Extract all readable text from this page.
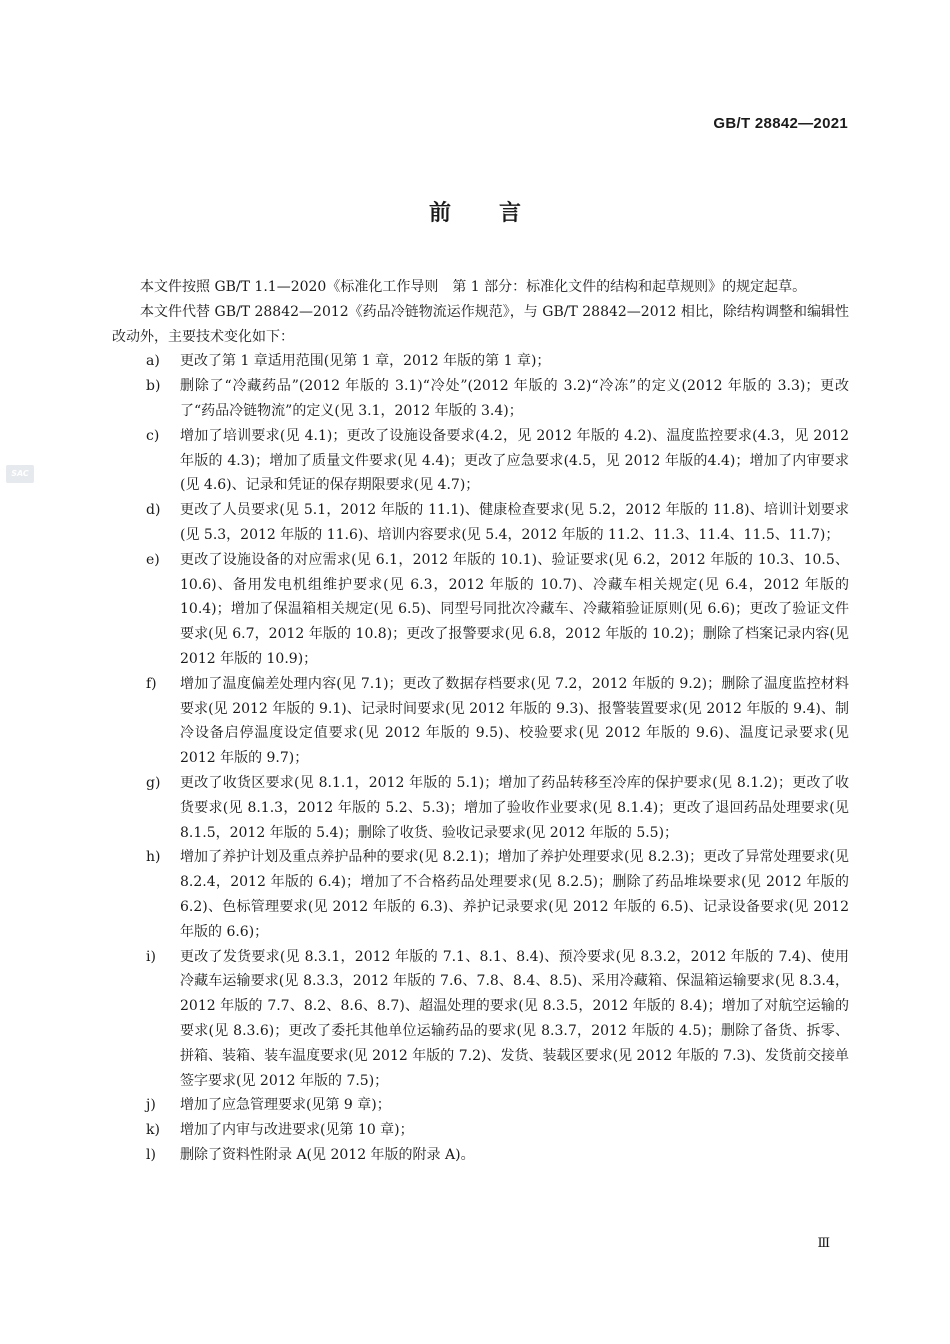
GB/T 28842—2021
前言
SAC

本文件按照 GB/T 1.1—2020《标准化工作导则　第 1 部分：标准化文件的结构和起草规则》的规定起草。

本文件代替 GB/T 28842—2012《药品冷链物流运作规范》，与 GB/T 28842—2012 相比，除结构调整和编辑性改动外，主要技术变化如下：

a)	更改了第 1 章适用范围(见第 1 章，2012 年版的第 1 章)；
b)	删除了“冷藏药品”(2012 年版的 3.1)“冷处”(2012 年版的 3.2)“冷冻”的定义(2012 年版的 3.3)；更改了“药品冷链物流”的定义(见 3.1，2012 年版的 3.4)；
c)	增加了培训要求(见 4.1)；更改了设施设备要求(4.2，见 2012 年版的 4.2)、温度监控要求(4.3，见 2012 年版的 4.3)；增加了质量文件要求(见 4.4)；更改了应急要求(4.5，见 2012 年版的4.4)；增加了内审要求(见 4.6)、记录和凭证的保存期限要求(见 4.7)；
d)	更改了人员要求(见 5.1，2012 年版的 11.1)、健康检查要求(见 5.2，2012 年版的 11.8)、培训计划要求(见 5.3，2012 年版的 11.6)、培训内容要求(见 5.4，2012 年版的 11.2、11.3、11.4、11.5、11.7)；
e)	更改了设施设备的对应需求(见 6.1，2012 年版的 10.1)、验证要求(见 6.2，2012 年版的 10.3、10.5、10.6)、备用发电机组维护要求(见 6.3，2012 年版的 10.7)、冷藏车相关规定(见 6.4，2012 年版的 10.4)；增加了保温箱相关规定(见 6.5)、同型号同批次冷藏车、冷藏箱验证原则(见 6.6)；更改了验证文件要求(见 6.7，2012 年版的 10.8)；更改了报警要求(见 6.8，2012 年版的 10.2)；删除了档案记录内容(见 2012 年版的 10.9)；
f)	增加了温度偏差处理内容(见 7.1)；更改了数据存档要求(见 7.2，2012 年版的 9.2)；删除了温度监控材料要求(见 2012 年版的 9.1)、记录时间要求(见 2012 年版的 9.3)、报警装置要求(见 2012 年版的 9.4)、制冷设备启停温度设定值要求(见 2012 年版的 9.5)、校验要求(见 2012 年版的 9.6)、温度记录要求(见 2012 年版的 9.7)；
g)	更改了收货区要求(见 8.1.1，2012 年版的 5.1)；增加了药品转移至冷库的保护要求(见 8.1.2)；更改了收货要求(见 8.1.3，2012 年版的 5.2、5.3)；增加了验收作业要求(见 8.1.4)；更改了退回药品处理要求(见 8.1.5，2012 年版的 5.4)；删除了收货、验收记录要求(见 2012 年版的 5.5)；
h)	增加了养护计划及重点养护品种的要求(见 8.2.1)；增加了养护处理要求(见 8.2.3)；更改了异常处理要求(见 8.2.4，2012 年版的 6.4)；增加了不合格药品处理要求(见 8.2.5)；删除了药品堆垛要求(见 2012 年版的 6.2)、色标管理要求(见 2012 年版的 6.3)、养护记录要求(见 2012 年版的 6.5)、记录设备要求(见 2012 年版的 6.6)；
i)	更改了发货要求(见 8.3.1，2012 年版的 7.1、8.1、8.4)、预冷要求(见 8.3.2，2012 年版的 7.4)、使用冷藏车运输要求(见 8.3.3，2012 年版的 7.6、7.8、8.4、8.5)、采用冷藏箱、保温箱运输要求(见 8.3.4，2012 年版的 7.7、8.2、8.6、8.7)、超温处理的要求(见 8.3.5，2012 年版的 8.4)；增加了对航空运输的要求(见 8.3.6)；更改了委托其他单位运输药品的要求(见 8.3.7，2012 年版的 4.5)；删除了备货、拆零、拼箱、装箱、装车温度要求(见 2012 年版的 7.2)、发货、装载区要求(见 2012 年版的 7.3)、发货前交接单签字要求(见 2012 年版的 7.5)；
j)	增加了应急管理要求(见第 9 章)；
k)	增加了内审与改进要求(见第 10 章)；
l)	删除了资料性附录 A(见 2012 年版的附录 A)。
Ⅲ
